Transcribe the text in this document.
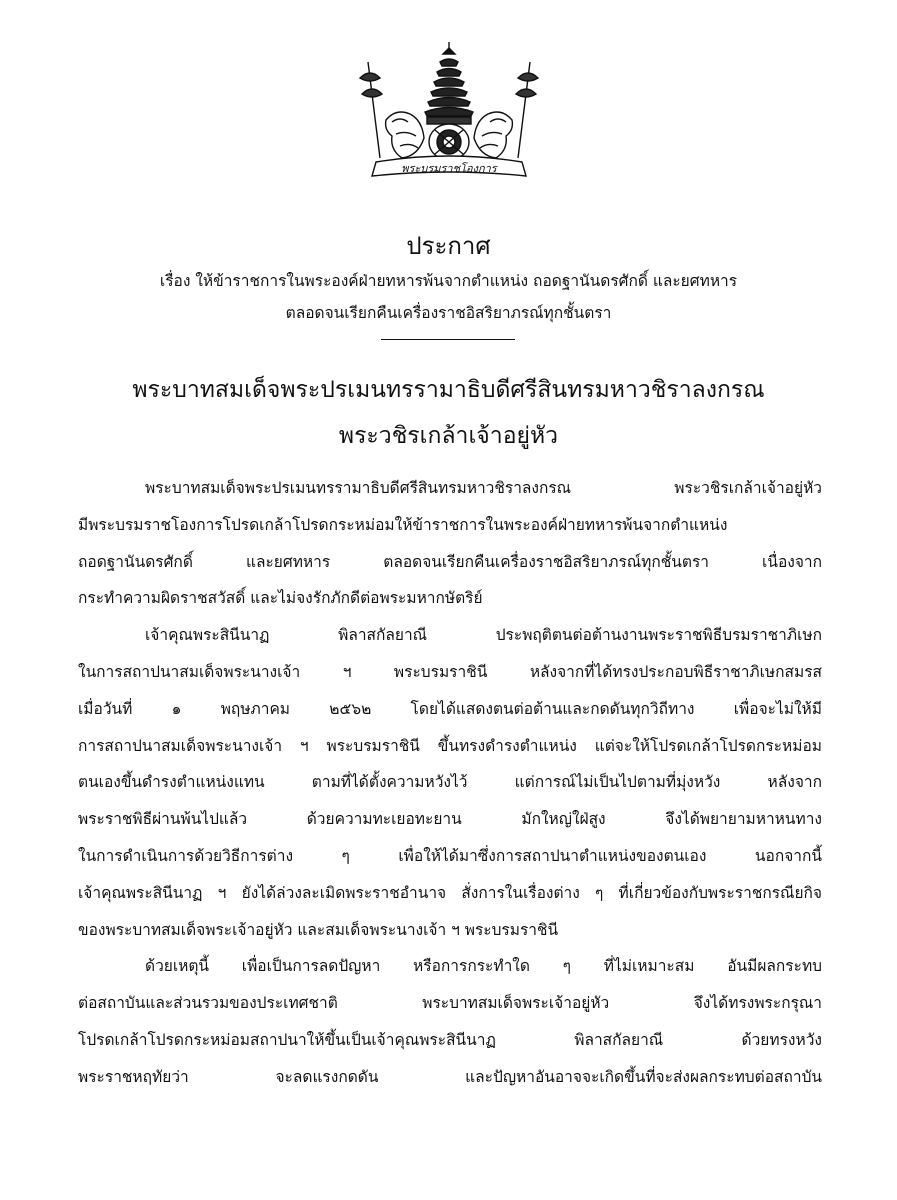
พระบรมราชโองการ
ประกาศ
เรื่อง ให้ข้าราชการในพระองค์ฝ่ายทหารพ้นจากตำแหน่ง ถอดฐานันดรศักดิ์ และยศทหาร
ตลอดจนเรียกคืนเครื่องราชอิสริยาภรณ์ทุกชั้นตรา
พระบาทสมเด็จพระปรเมนทรรามาธิบดีศรีสินทรมหาวชิราลงกรณ
พระวชิรเกล้าเจ้าอยู่หัว
พระบาทสมเด็จพระปรเมนทรรามาธิบดีศรีสินทรมหาวชิราลงกรณ พระวชิรเกล้าเจ้าอยู่หัว
มีพระบรมราชโองการโปรดเกล้าโปรดกระหม่อมให้ข้าราชการในพระองค์ฝ่ายทหารพ้นจากตำแหน่ง
ถอดฐานันดรศักดิ์ และยศทหาร ตลอดจนเรียกคืนเครื่องราชอิสริยาภรณ์ทุกชั้นตรา เนื่องจาก
กระทำความผิดราชสวัสดิ์ และไม่จงรักภักดีต่อพระมหากษัตริย์
เจ้าคุณพระสินีนาฏ พิลาสกัลยาณี ประพฤติตนต่อต้านงานพระราชพิธีบรมราชาภิเษก
ในการสถาปนาสมเด็จพระนางเจ้า ฯ พระบรมราชินี หลังจากที่ได้ทรงประกอบพิธีราชาภิเษกสมรส
เมื่อวันที่ ๑ พฤษภาคม ๒๕๖๒ โดยได้แสดงตนต่อต้านและกดดันทุกวิถีทาง เพื่อจะไม่ให้มี
การสถาปนาสมเด็จพระนางเจ้า ฯ พระบรมราชินี ขึ้นทรงดำรงตำแหน่ง แต่จะให้โปรดเกล้าโปรดกระหม่อม
ตนเองขึ้นดำรงตำแหน่งแทน ตามที่ได้ตั้งความหวังไว้ แต่การณ์ไม่เป็นไปตามที่มุ่งหวัง หลังจาก
พระราชพิธีผ่านพ้นไปแล้ว ด้วยความทะเยอทะยาน มักใหญ่ใฝ่สูง จึงได้พยายามหาหนทาง
ในการดำเนินการด้วยวิธีการต่าง ๆ เพื่อให้ได้มาซึ่งการสถาปนาตำแหน่งของตนเอง นอกจากนี้
เจ้าคุณพระสินีนาฏ ฯ ยังได้ล่วงละเมิดพระราชอำนาจ สั่งการในเรื่องต่าง ๆ ที่เกี่ยวข้องกับพระราชกรณียกิจ
ของพระบาทสมเด็จพระเจ้าอยู่หัว และสมเด็จพระนางเจ้า ฯ พระบรมราชินี
ด้วยเหตุนี้ เพื่อเป็นการลดปัญหา หรือการกระทำใด ๆ ที่ไม่เหมาะสม อันมีผลกระทบ
ต่อสถาบันและส่วนรวมของประเทศชาติ พระบาทสมเด็จพระเจ้าอยู่หัว จึงได้ทรงพระกรุณา
โปรดเกล้าโปรดกระหม่อมสถาปนาให้ขึ้นเป็นเจ้าคุณพระสินีนาฏ พิลาสกัลยาณี ด้วยทรงหวัง
พระราชหฤทัยว่า จะลดแรงกดดัน และปัญหาอันอาจจะเกิดขึ้นที่จะส่งผลกระทบต่อสถาบัน
